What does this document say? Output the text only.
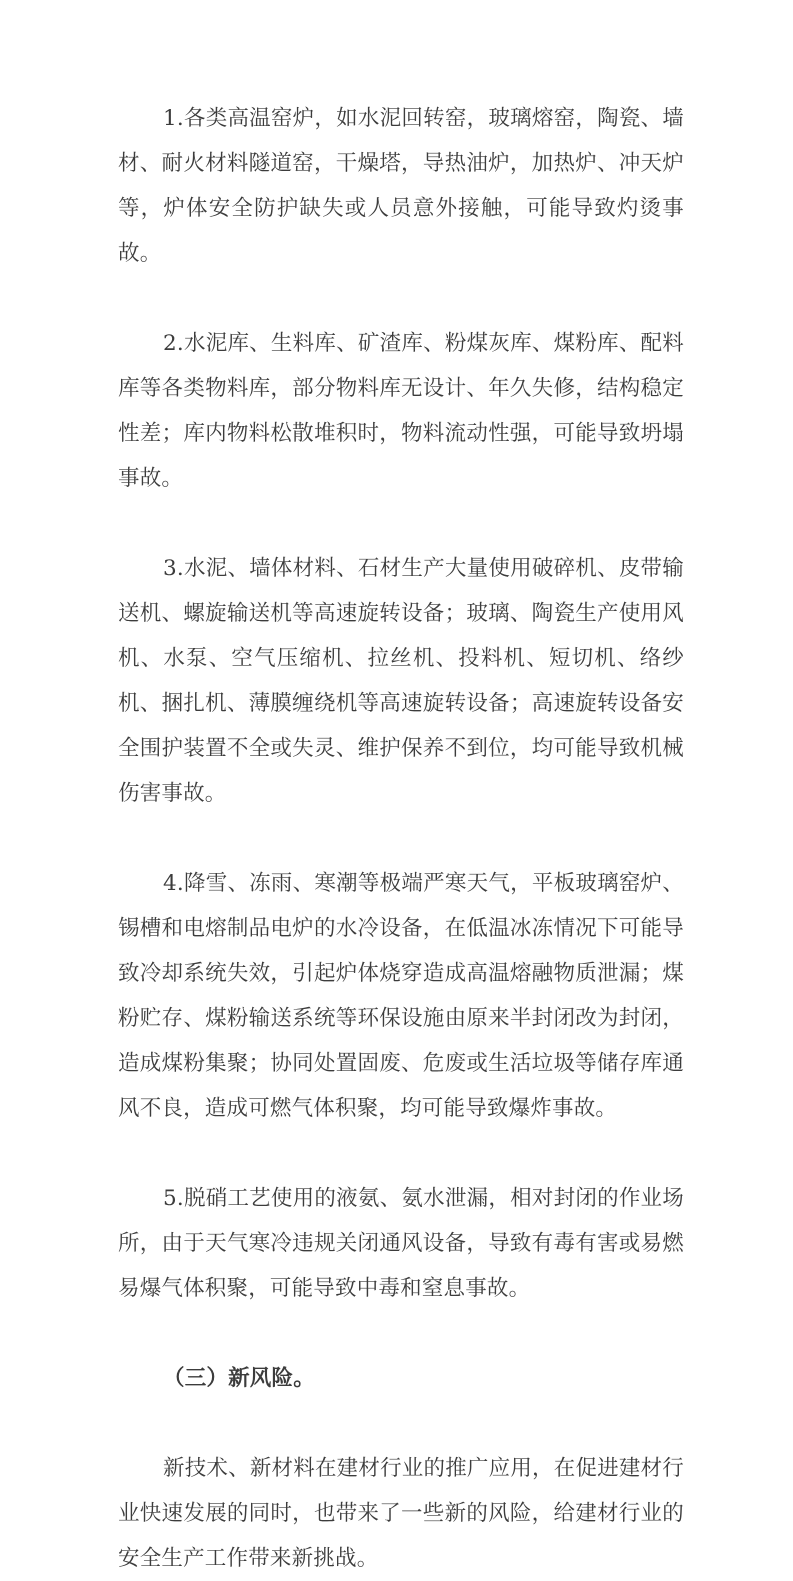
1.各类高温窑炉，如水泥回转窑，玻璃熔窑，陶瓷、墙材、耐火材料隧道窑，干燥塔，导热油炉，加热炉、冲天炉等，炉体安全防护缺失或人员意外接触，可能导致灼烫事故。

2.水泥库、生料库、矿渣库、粉煤灰库、煤粉库、配料库等各类物料库，部分物料库无设计、年久失修，结构稳定性差；库内物料松散堆积时，物料流动性强，可能导致坍塌事故。

3.水泥、墙体材料、石材生产大量使用破碎机、皮带输送机、螺旋输送机等高速旋转设备；玻璃、陶瓷生产使用风机、水泵、空气压缩机、拉丝机、投料机、短切机、络纱机、捆扎机、薄膜缠绕机等高速旋转设备；高速旋转设备安全围护装置不全或失灵、维护保养不到位，均可能导致机械伤害事故。

4.降雪、冻雨、寒潮等极端严寒天气，平板玻璃窑炉、锡槽和电熔制品电炉的水冷设备，在低温冰冻情况下可能导致冷却系统失效，引起炉体烧穿造成高温熔融物质泄漏；煤粉贮存、煤粉输送系统等环保设施由原来半封闭改为封闭，造成煤粉集聚；协同处置固废、危废或生活垃圾等储存库通风不良，造成可燃气体积聚，均可能导致爆炸事故。

5.脱硝工艺使用的液氨、氨水泄漏，相对封闭的作业场所，由于天气寒冷违规关闭通风设备，导致有毒有害或易燃易爆气体积聚，可能导致中毒和窒息事故。

（三）新风险。

新技术、新材料在建材行业的推广应用，在促进建材行业快速发展的同时，也带来了一些新的风险，给建材行业的安全生产工作带来新挑战。
